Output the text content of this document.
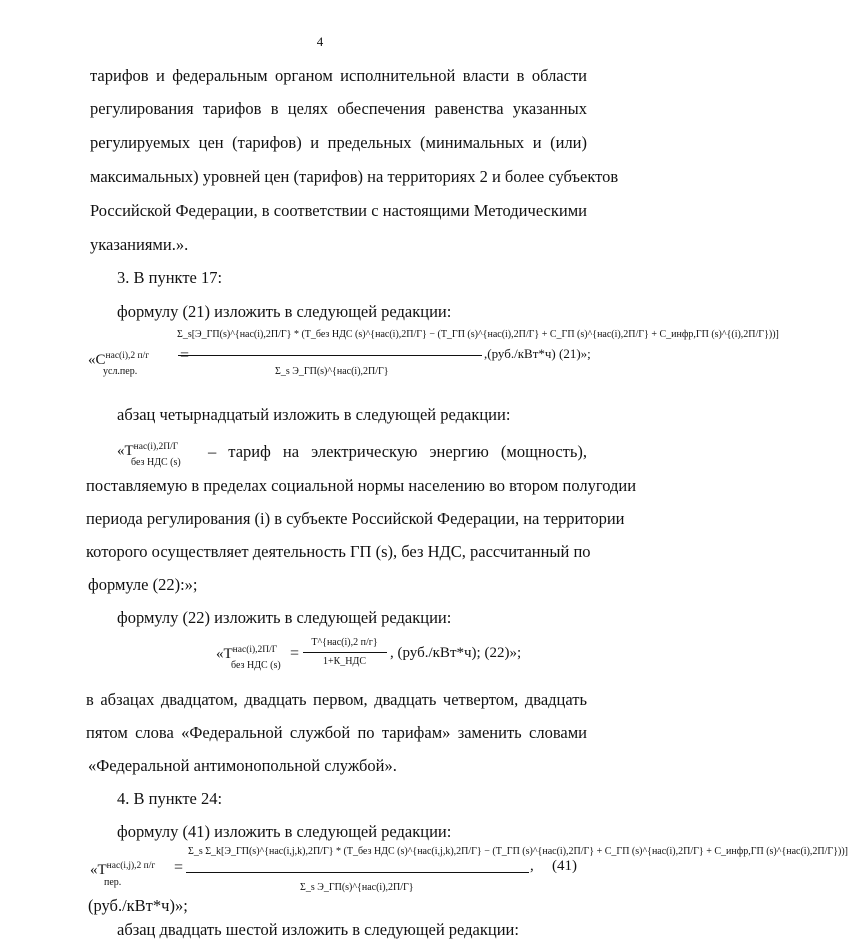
4
тарифов и федеральным органом исполнительной власти в области
регулирования тарифов в целях обеспечения равенства указанных
регулируемых цен (тарифов) и предельных (минимальных и (или)
максимальных) уровней цен (тарифов) на территориях 2 и более субъектов
Российской Федерации, в соответствии с настоящими Методическими
указаниями.».
3. В пункте 17:
формулу (21) изложить в следующей редакции:
«$C^{нас(i),2 п/г}$
усл.пер.
Σ_s[Э_ГП(s)^{нас(i),2П/Г} * (Т_без НДС (s)^{нас(i),2П/Г} − (Т_ГП (s)^{нас(i),2П/Г} + С_ГП (s)^{нас(i),2П/Г} + С_инфр,ГП (s)^{(i),2П/Г}))]
Σ_s Э_ГП(s)^{нас(i),2П/Г}
,(руб./кВт*ч) (21)»;
абзац четырнадцатый изложить в следующей редакции:
«$Т^{нас(i),2П/Г}$
без НДС (s)
– тариф на электрическую энергию (мощность),
поставляемую в пределах социальной нормы населению во втором полугодии
периода регулирования (i) в субъекте Российской Федерации, на территории
которого осуществляет деятельность ГП (s), без НДС, рассчитанный по
формуле (22):»;
формулу (22) изложить в следующей редакции:
«$Т^{нас(i),2П/Г}$
без НДС (s)
=
Т^{нас(i),2 п/г}
1+К_НДС
, (руб./кВт*ч); (22)»;
в абзацах двадцатом, двадцать первом, двадцать четвертом, двадцать
пятом слова «Федеральной службой по тарифам» заменить словами
«Федеральной антимонопольной службой».
4. В пункте 24:
формулу (41) изложить в следующей редакции:
«$Т^{нас(i,j),2 п/г}$
пер.
=
Σ_s Σ_k[Э_ГП(s)^{нас(i,j,k),2П/Г} * (Т_без НДС (s)^{нас(i,j,k),2П/Г} − (Т_ГП (s)^{нас(i),2П/Г} + С_ГП (s)^{нас(i),2П/Г} + С_инфр,ГП (s)^{нас(i),2П/Г}))]
Σ_s Э_ГП(s)^{нас(i),2П/Г}
, (41)
(руб./кВт*ч)»;
абзац двадцать шестой изложить в следующей редакции:
